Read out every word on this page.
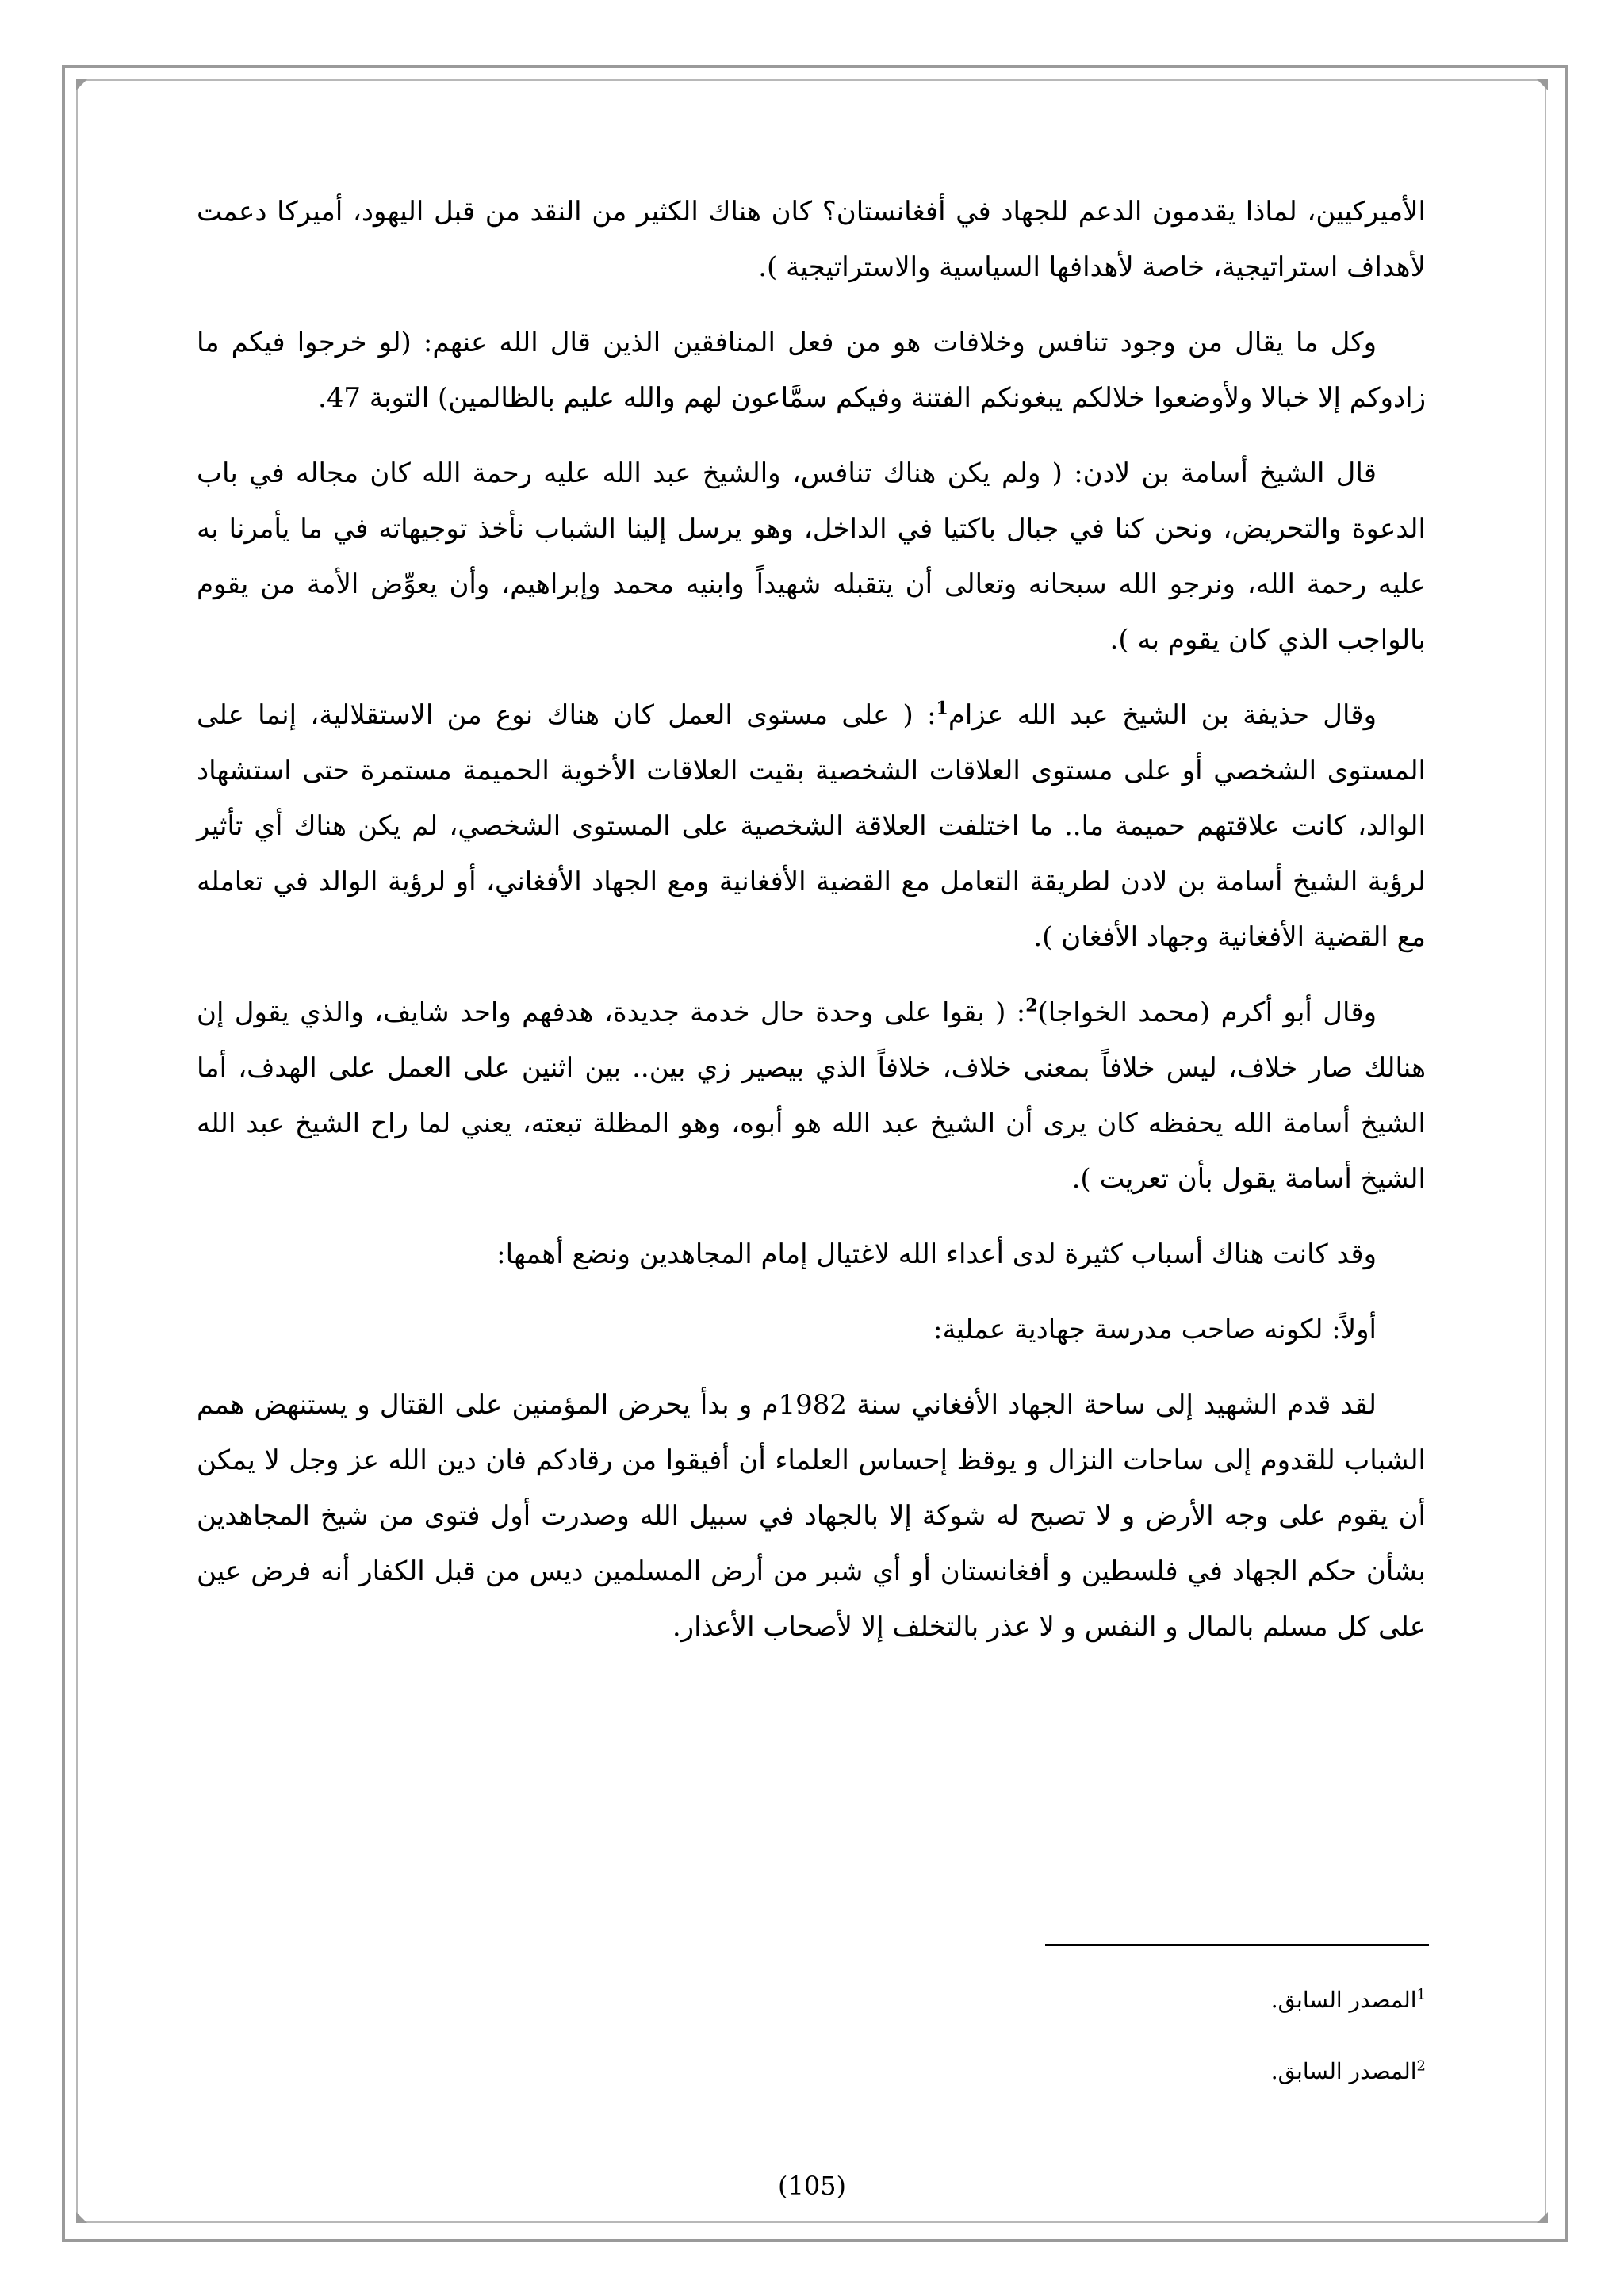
الأميركيين، لماذا يقدمون الدعم للجهاد في أفغانستان؟ كان هناك الكثير من النقد من قبل اليهود، أميركا دعمت لأهداف استراتيجية، خاصة لأهدافها السياسية والاستراتيجية ).

وكل ما يقال من وجود تنافس وخلافات هو من فعل المنافقين الذين قال الله عنهم: (لو خرجوا فيكم ما زادوكم إلا خبالا ولأوضعوا خلالكم يبغونكم الفتنة وفيكم سمَّاعون لهم والله عليم بالظالمين) التوبة 47.

قال الشيخ أسامة بن لادن: ( ولم يكن هناك تنافس، والشيخ عبد الله عليه رحمة الله كان مجاله في باب الدعوة والتحريض، ونحن كنا في جبال باكتيا في الداخل، وهو يرسل إلينا الشباب نأخذ توجيهاته في ما يأمرنا به عليه رحمة الله، ونرجو الله سبحانه وتعالى أن يتقبله شهيداً وابنيه محمد وإبراهيم، وأن يعوِّض الأمة من يقوم بالواجب الذي كان يقوم به ).

وقال حذيفة بن الشيخ عبد الله عزام$^1$: ( على مستوى العمل كان هناك نوع من الاستقلالية، إنما على المستوى الشخصي أو على مستوى العلاقات الشخصية بقيت العلاقات الأخوية الحميمة مستمرة حتى استشهاد الوالد، كانت علاقتهم حميمة ما.. ما اختلفت العلاقة الشخصية على المستوى الشخصي، لم يكن هناك أي تأثير لرؤية الشيخ أسامة بن لادن لطريقة التعامل مع القضية الأفغانية ومع الجهاد الأفغاني، أو لرؤية الوالد في تعامله مع القضية الأفغانية وجهاد الأفغان ).

وقال أبو أكرم (محمد الخواجا)$^2$: ( بقوا على وحدة حال خدمة جديدة، هدفهم واحد شايف، والذي يقول إن هنالك صار خلاف، ليس خلافاً بمعنى خلاف، خلافاً الذي بيصير زي بين.. بين اثنين على العمل على الهدف، أما الشيخ أسامة الله يحفظه كان يرى أن الشيخ عبد الله هو أبوه، وهو المظلة تبعته، يعني لما راح الشيخ عبد الله الشيخ أسامة يقول بأن تعريت ).

وقد كانت هناك أسباب كثيرة لدى أعداء الله لاغتيال إمام المجاهدين ونضع أهمها:

أولاً: لكونه صاحب مدرسة جهادية عملية:

لقد قدم الشهيد إلى ساحة الجهاد الأفغاني سنة 1982م و بدأ يحرض المؤمنين على القتال و يستنهض همم الشباب للقدوم إلى ساحات النزال و يوقظ إحساس العلماء أن أفيقوا من رقادكم فان دين الله عز وجل لا يمكن أن يقوم على وجه الأرض و لا تصبح له شوكة إلا بالجهاد في سبيل الله وصدرت أول فتوى من شيخ المجاهدين بشأن حكم الجهاد في فلسطين و أفغانستان أو أي شبر من أرض المسلمين ديس من قبل الكفار أنه فرض عين على كل مسلم بالمال و النفس و لا عذر بالتخلف إلا لأصحاب الأعذار.

$^1$المصدر السابق.

$^2$المصدر السابق.

(105)
